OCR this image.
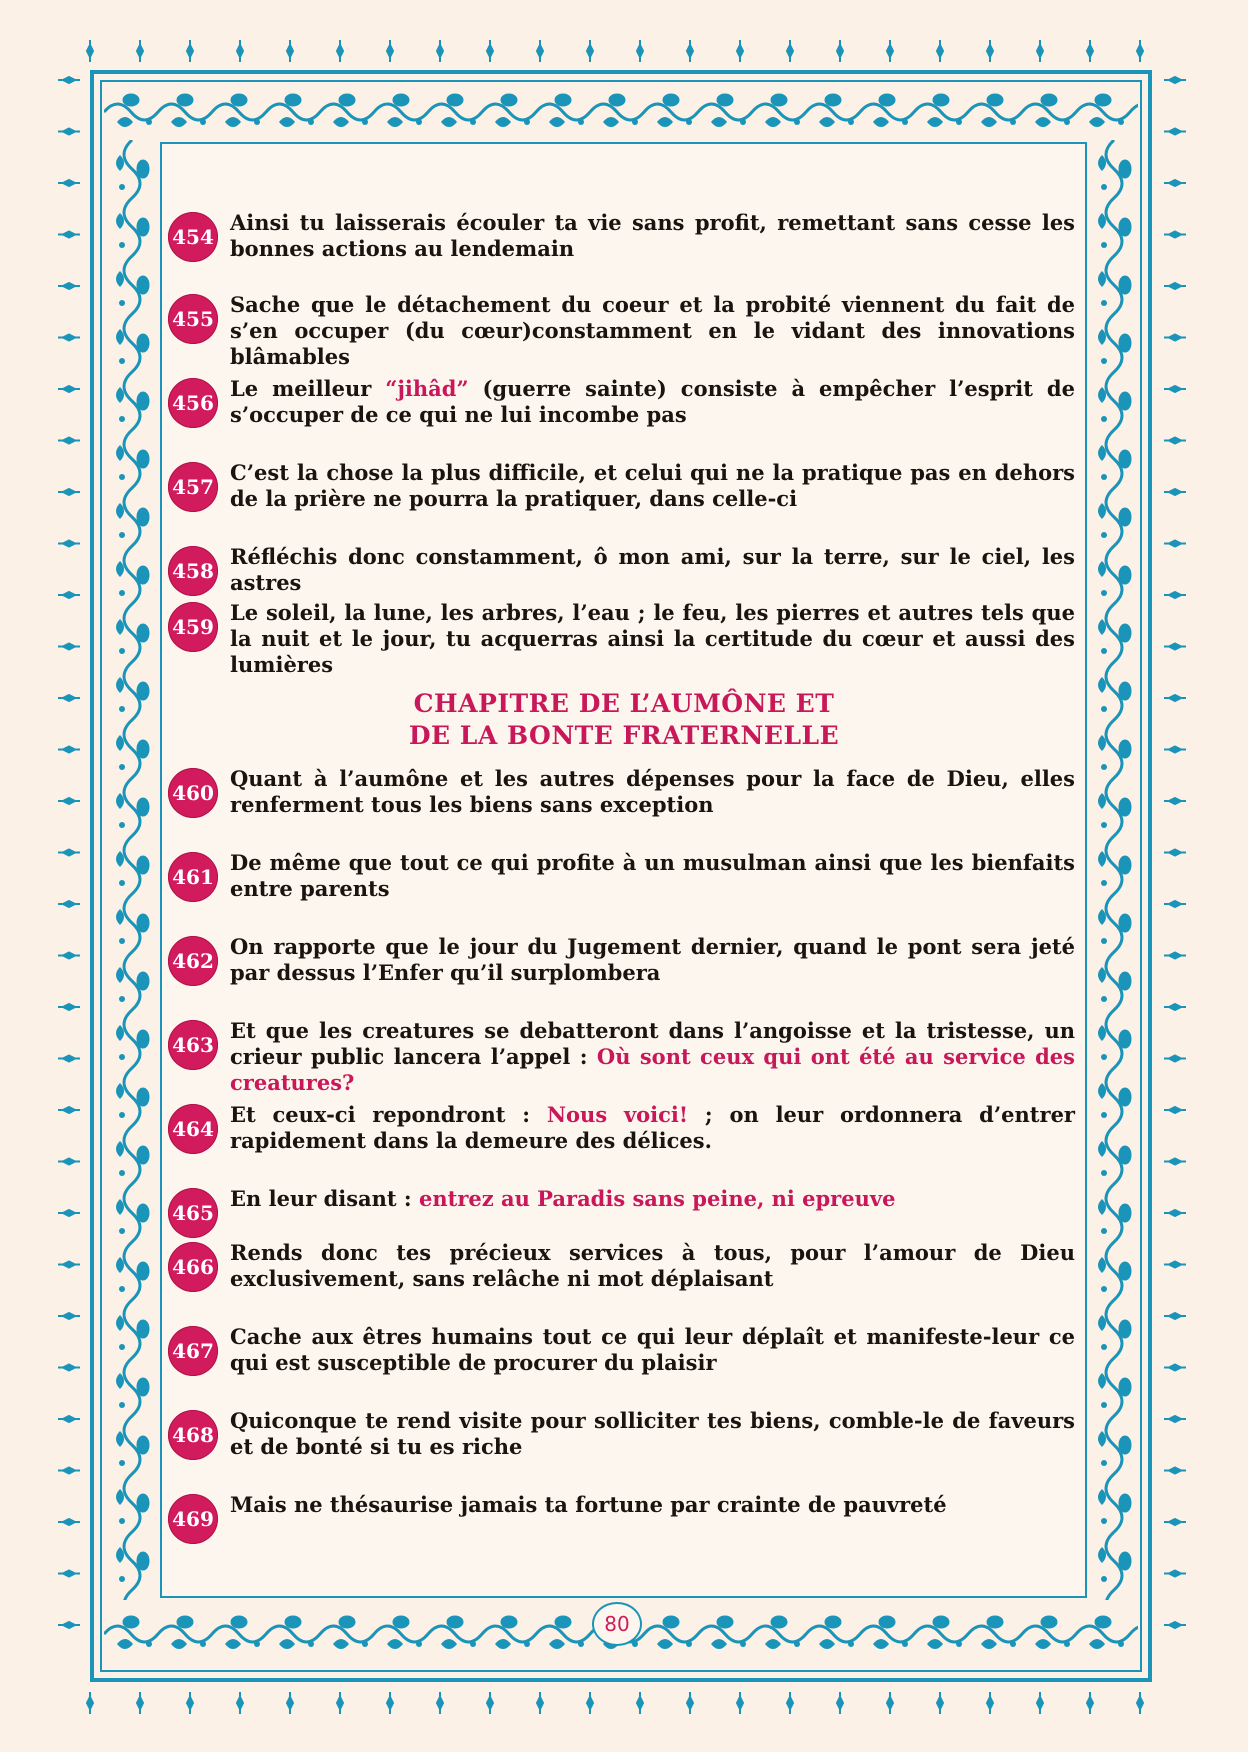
454
Ainsi tu laisserais écouler ta vie sans profit, remettant sans cesse les bonnes actions au lendemain
455
Sache que le détachement du coeur et la probité viennent du fait de s’en occuper (du cœur)constamment en le vidant des innovations blâmables
456
Le meilleur “jihâd” (guerre sainte) consiste à empêcher l’esprit de s’occuper de ce qui ne lui incombe pas
457
C’est la chose la plus difficile, et celui qui ne la pratique pas en dehors de la prière ne pourra la pratiquer, dans celle-ci
458
Réfléchis donc constamment, ô mon ami, sur la terre, sur le ciel, les astres
459
Le soleil, la lune, les arbres, l’eau ; le feu, les pierres et autres tels que la nuit et le jour, tu acquerras ainsi la certitude du cœur et aussi des lumières
CHAPITRE DE L’AUMÔNE ET
DE LA BONTE FRATERNELLE
460
Quant à l’aumône et les autres dépenses pour la face de Dieu, elles renferment tous les biens sans exception
461
De même que tout ce qui profite à un musulman ainsi que les bienfaits entre parents
462
On rapporte que le jour du Jugement dernier, quand le pont sera jeté par dessus l’Enfer qu’il surplombera
463
Et que les creatures se debatteront dans l’angoisse et la tristesse, un crieur public lancera l’appel : Où sont ceux qui ont été au service des creatures?
464
Et ceux-ci repondront : Nous voici! ; on leur ordonnera d’entrer rapidement dans la demeure des délices.
465
En leur disant : entrez au Paradis sans peine, ni epreuve
466
Rends donc tes précieux services à tous, pour l’amour de Dieu exclusivement, sans relâche ni mot déplaisant
467
Cache aux êtres humains tout ce qui leur déplaît et manifeste-leur ce qui est susceptible de procurer du plaisir
468
Quiconque te rend visite pour solliciter tes biens, comble-le de faveurs et de bonté si tu es riche
469
Mais ne thésaurise jamais ta fortune par crainte de pauvreté
80
